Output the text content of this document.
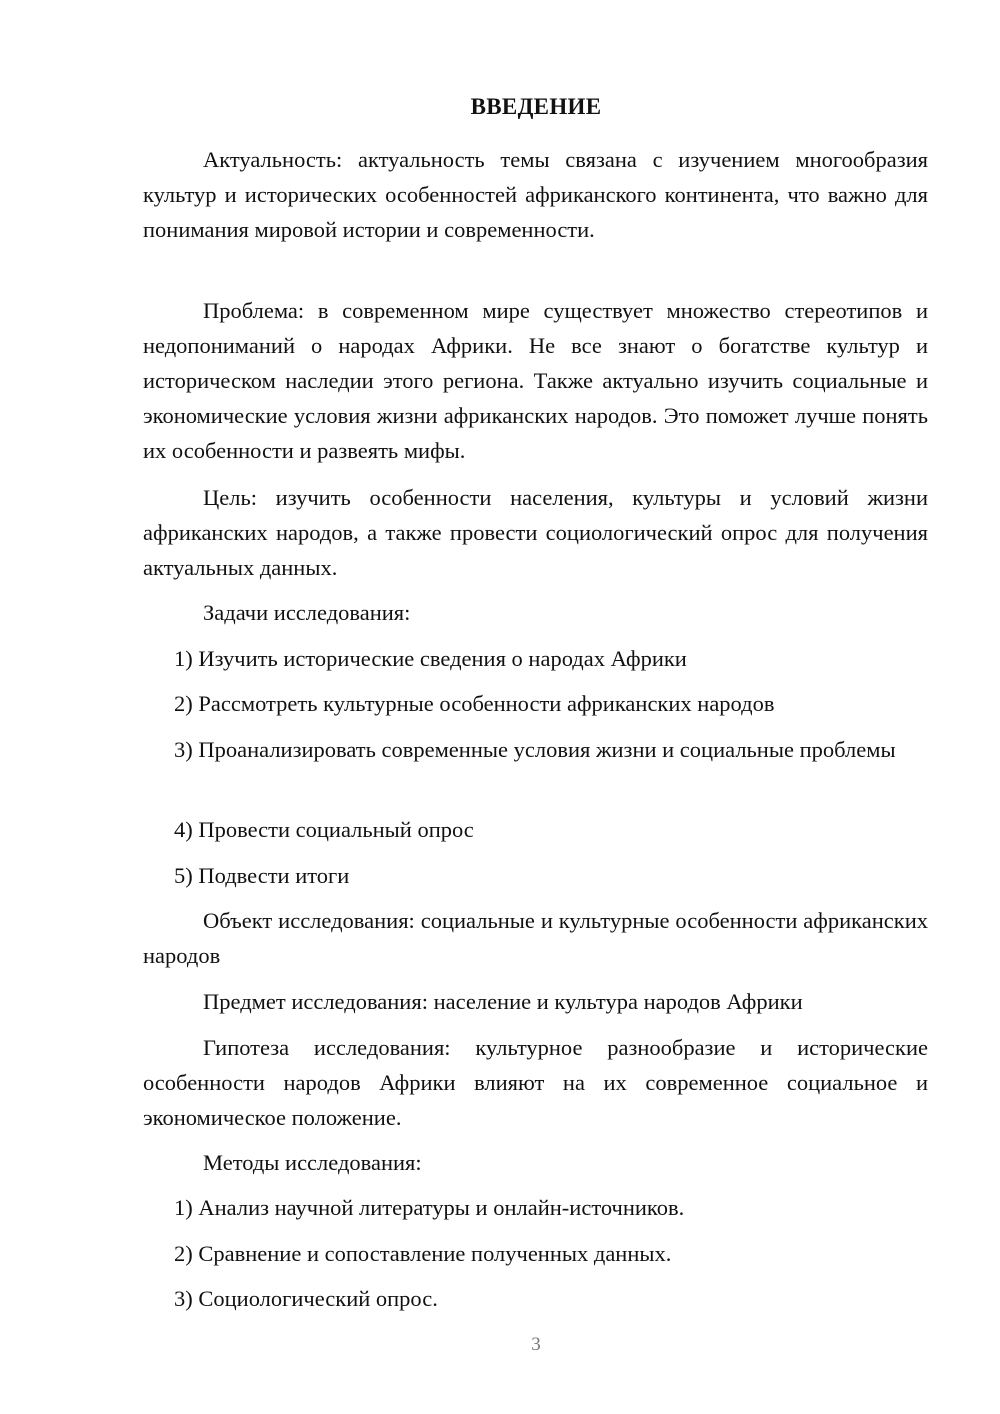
ВВЕДЕНИЕ

Актуальность: актуальность темы связана с изучением многообразия культур и исторических особенностей африканского континента, что важно для понимания мировой истории и современности.

Проблема: в современном мире существует множество стереотипов и недопониманий о народах Африки. Не все знают о богатстве культур и историческом наследии этого региона. Также актуально изучить социальные и экономические условия жизни африканских народов. Это поможет лучше понять их особенности и развеять мифы.

Цель: изучить особенности населения, культуры и условий жизни африканских народов, а также провести социологический опрос для получения актуальных данных.

Задачи исследования:

1) Изучить исторические сведения о народах Африки

2) Рассмотреть культурные особенности африканских народов

3) Проанализировать современные условия жизни и социальные проблемы

4) Провести социальный опрос

5) Подвести итоги

Объект исследования: социальные и культурные особенности африканских народов

Предмет исследования: население и культура народов Африки

Гипотеза исследования: культурное разнообразие и исторические особенности народов Африки влияют на их современное социальное и экономическое положение.

Методы исследования:

1) Анализ научной литературы и онлайн-источников.

2) Сравнение и сопоставление полученных данных.

3) Социологический опрос.

3
